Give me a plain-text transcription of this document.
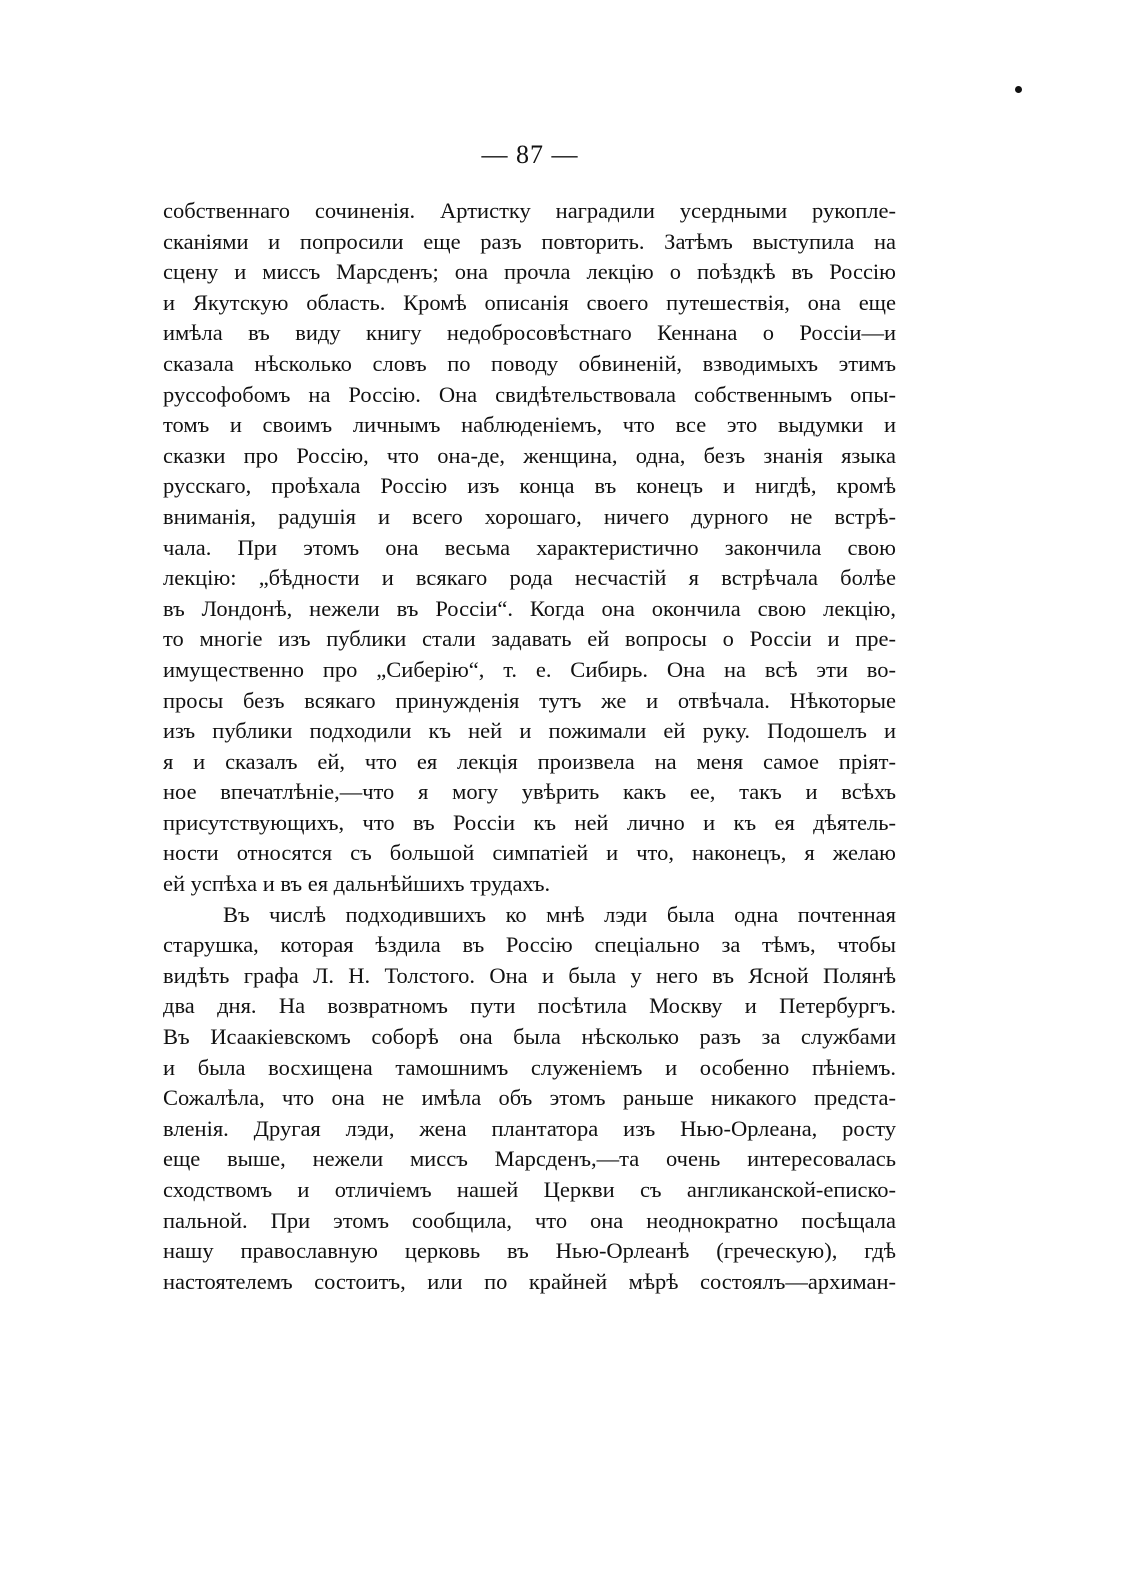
— 87 —
собственнаго сочиненія. Артистку наградили усердными рукопле-
сканіями и попросили еще разъ повторить. Затѣмъ выступила на
сцену и миссъ Марсденъ; она прочла лекцію о поѣздкѣ въ Россію
и Якутскую область. Кромѣ описанія своего путешествія, она еще
имѣла въ виду книгу недобросовѣстнаго Кеннана о Россіи—и
сказала нѣсколько словъ по поводу обвиненій, взводимыхъ этимъ
руссофобомъ на Россію. Она свидѣтельствовала собственнымъ опы-
томъ и своимъ личнымъ наблюденіемъ, что все это выдумки и
сказки про Россію, что она-де, женщина, одна, безъ знанія языка
русскаго, проѣхала Россію изъ конца въ конецъ и нигдѣ, кромѣ
вниманія, радушія и всего хорошаго, ничего дурного не встрѣ-
чала. При этомъ она весьма характеристично закончила свою
лекцію: „бѣдности и всякаго рода несчастій я встрѣчала болѣе
въ Лондонѣ, нежели въ Россіи“. Когда она окончила свою лекцію,
то многіе изъ публики стали задавать ей вопросы о Россіи и пре-
имущественно про „Сиберію“, т. е. Сибирь. Она на всѣ эти во-
просы безъ всякаго принужденія тутъ же и отвѣчала. Нѣкоторые
изъ публики подходили къ ней и пожимали ей руку. Подошелъ и
я и сказалъ ей, что ея лекція произвела на меня самое пріят-
ное впечатлѣніе,—что я могу увѣрить какъ ее, такъ и всѣхъ
присутствующихъ, что въ Россіи къ ней лично и къ ея дѣятель-
ности относятся съ большой симпатіей и что, наконецъ, я желаю
ей успѣха и въ ея дальнѣйшихъ трудахъ.
Въ числѣ подходившихъ ко мнѣ лэди была одна почтенная
старушка, которая ѣздила въ Россію спеціально за тѣмъ, чтобы
видѣть графа Л. Н. Толстого. Она и была у него въ Ясной Полянѣ
два дня. На возвратномъ пути посѣтила Москву и Петербургъ.
Въ Исаакіевскомъ соборѣ она была нѣсколько разъ за службами
и была восхищена тамошнимъ служеніемъ и особенно пѣніемъ.
Сожалѣла, что она не имѣла объ этомъ раньше никакого предста-
вленія. Другая лэди, жена плантатора изъ Нью-Орлеана, росту
еще выше, нежели миссъ Марсденъ,—та очень интересовалась
сходствомъ и отличіемъ нашей Церкви съ англиканской-еписко-
пальной. При этомъ сообщила, что она неоднократно посѣщала
нашу православную церковь въ Нью-Орлеанѣ (греческую), гдѣ
настоятелемъ состоитъ, или по крайней мѣрѣ состоялъ—архиман-
